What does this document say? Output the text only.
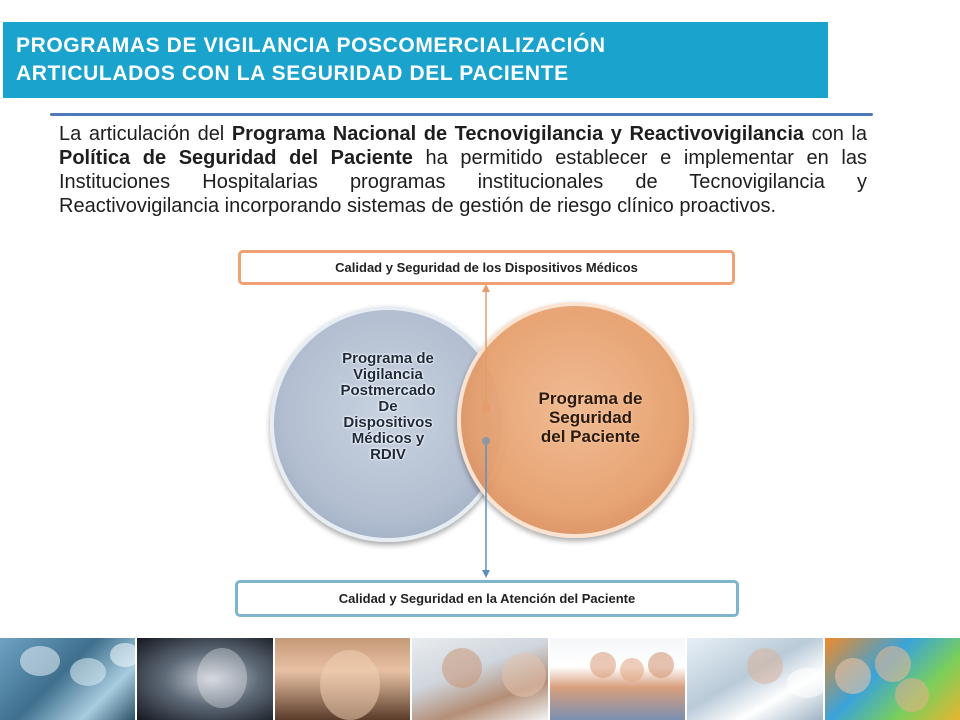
PROGRAMAS DE VIGILANCIA POSCOMERCIALIZACIÓN
ARTICULADOS CON LA SEGURIDAD DEL PACIENTE
La articulación del Programa Nacional de Tecnovigilancia y Reactivovigilancia con la Política de Seguridad del Paciente ha permitido establecer e implementar en las Instituciones Hospitalarias programas institucionales de Tecnovigilancia y Reactivovigilancia incorporando sistemas de gestión de riesgo clínico proactivos.
Programa de
Vigilancia
Postmercado
De
Dispositivos
Médicos y
RDIV
Programa de
Seguridad
del Paciente
Calidad y Seguridad de los Dispositivos Médicos
Calidad y Seguridad en la Atención del Paciente
